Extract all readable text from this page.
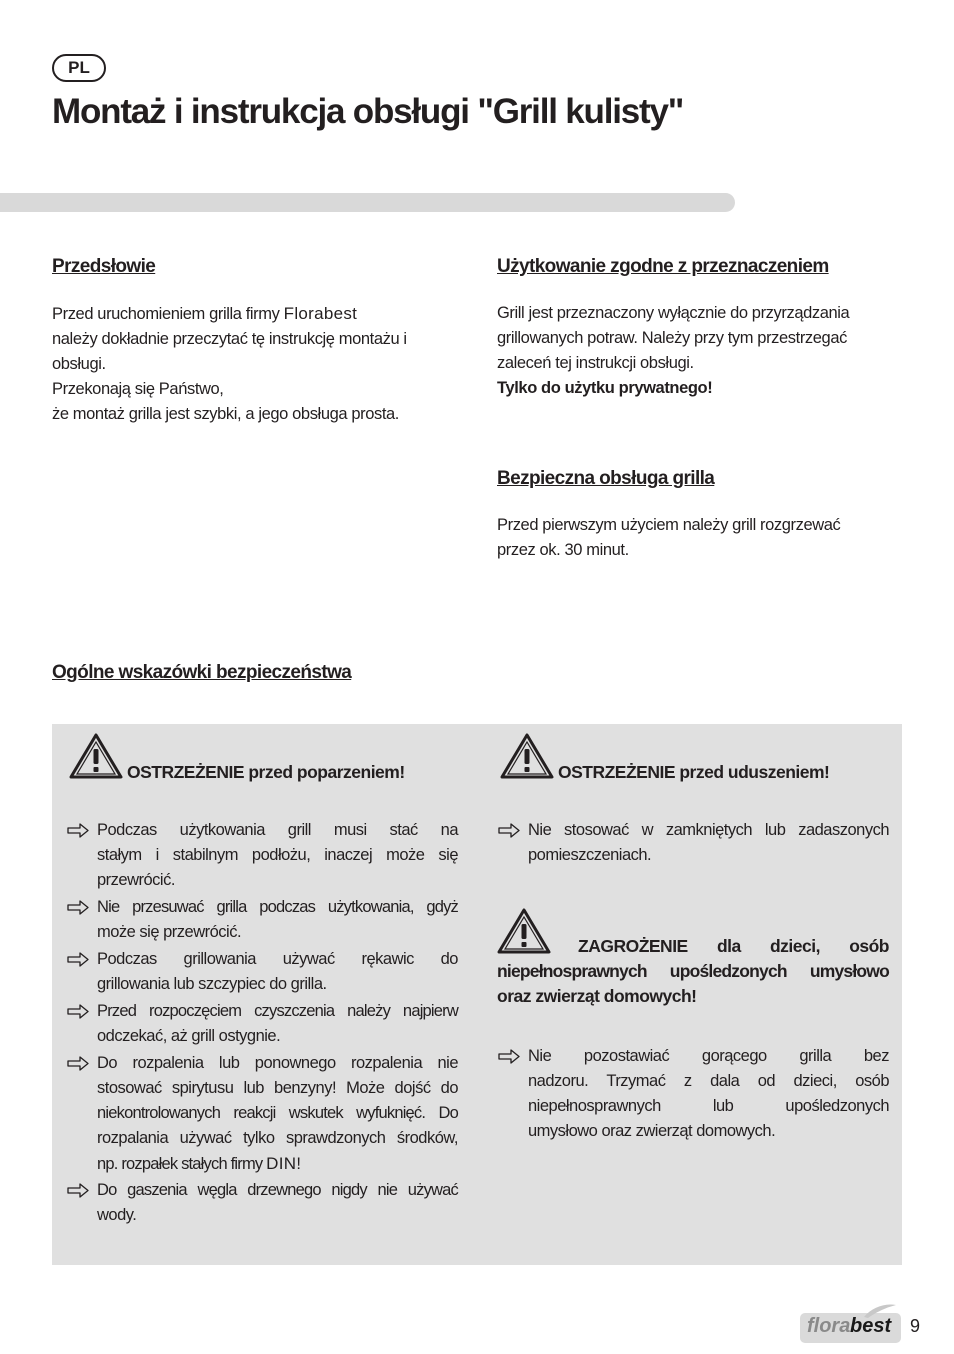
PL
Montaż i instrukcja obsługi "Grill kulisty"
Przedsłowie
Przed uruchomieniem grilla firmy Florabest
należy dokładnie przeczytać tę instrukcję montażu i
obsługi.
Przekonają się Państwo,
że montaż grilla jest szybki, a jego obsługa prosta.
Użytkowanie zgodne z przeznaczeniem
Grill jest przeznaczony wyłącznie do przyrządzania
grillowanych potraw. Należy przy tym przestrzegać
zaleceń tej instrukcji obsługi.
Tylko do użytku prywatnego!
Bezpieczna obsługa grilla
Przed pierwszym użyciem należy grill rozgrzewać
przez ok. 30 minut.
Ogólne wskazówki bezpieczeństwa
OSTRZEŻENIE przed poparzeniem!
Podczas użytkowania grill musi stać na
stałym i stabilnym podłożu, inaczej może się
przewrócić.
Nie przesuwać grilla podczas użytkowania, gdyż
może się przewrócić.
Podczas grillowania używać rękawic do
grillowania lub szczypiec do grilla.
Przed rozpoczęciem czyszczenia należy najpierw
odczekać, aż grill ostygnie.
Do rozpalenia lub ponownego rozpalenia nie
stosować spirytusu lub benzyny! Może dojść do
niekontrolowanych reakcji wskutek wyfuknięć. Do
rozpalania używać tylko sprawdzonych środków,
np. rozpałek stałych firmy DIN!
Do gaszenia węgla drzewnego nigdy nie używać
wody.
OSTRZEŻENIE przed uduszeniem!
Nie stosować w zamkniętych lub zadaszonych
pomieszczeniach.
ZAGROŻENIE dla dzieci, osób
niepełnosprawnych upośledzonych umysłowo
oraz zwierząt domowych!
Nie pozostawiać gorącego grilla bez
nadzoru. Trzymać z dala od dzieci, osób
niepełnosprawnych lub upośledzonych
umysłowo oraz zwierząt domowych.
flora best 9
